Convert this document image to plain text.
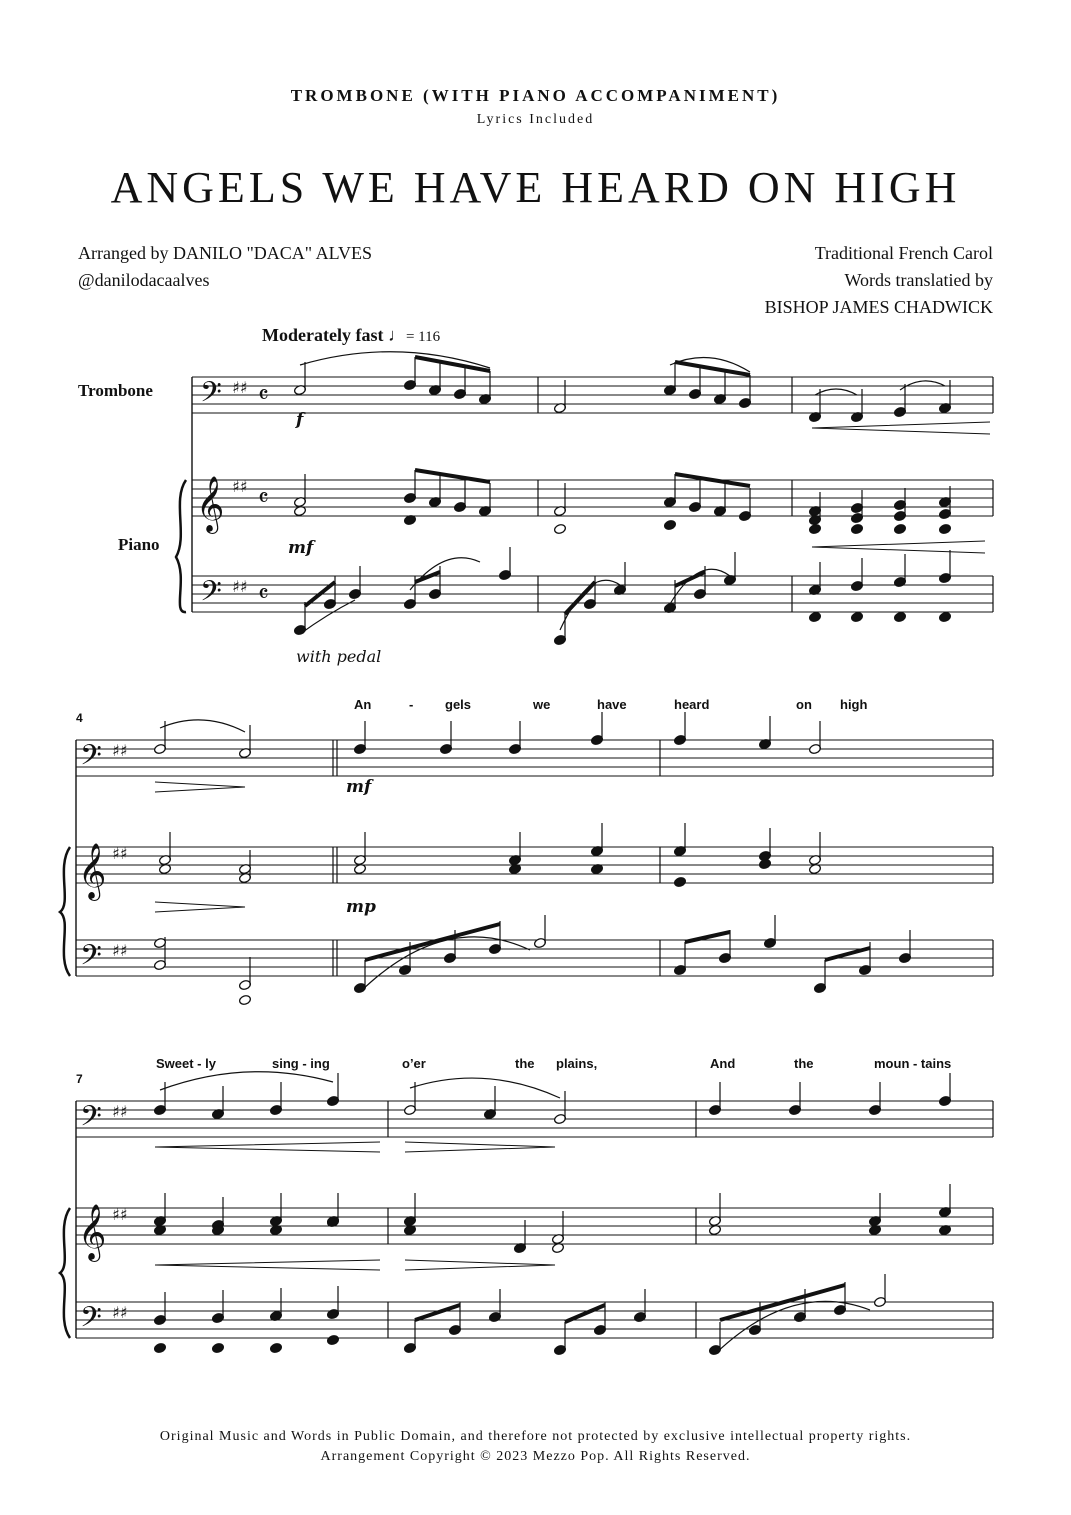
TROMBONE (WITH PIANO ACCOMPANIMENT)
Lyrics Included
ANGELS WE HAVE HEARD ON HIGH
Arranged by DANILO "DACA" ALVES
@danilodacaalves
Traditional French Carol
Words translatied by
BISHOP JAMES CHADWICK
Moderately fast ♩= 116
Trombone
Piano
𝄢
𝄞
𝄢
♯♯
♯♯
♯♯
𝄴
𝄴
𝄴
𝄢
𝄞
𝄢
♯♯
♯♯
♯♯
𝄢
𝄞
𝄢
♯♯
♯♯
♯♯
f
mf
with pedal
4
mf
mp
7
An	- gels	we	have	heard	on high
Sweet - ly	sing - ing	o’er	the plains,	And	the	moun - tains
Original Music and Words in Public Domain, and therefore not protected by exclusive intellectual property rights.
Arrangement Copyright © 2023 Mezzo Pop. All Rights Reserved.
